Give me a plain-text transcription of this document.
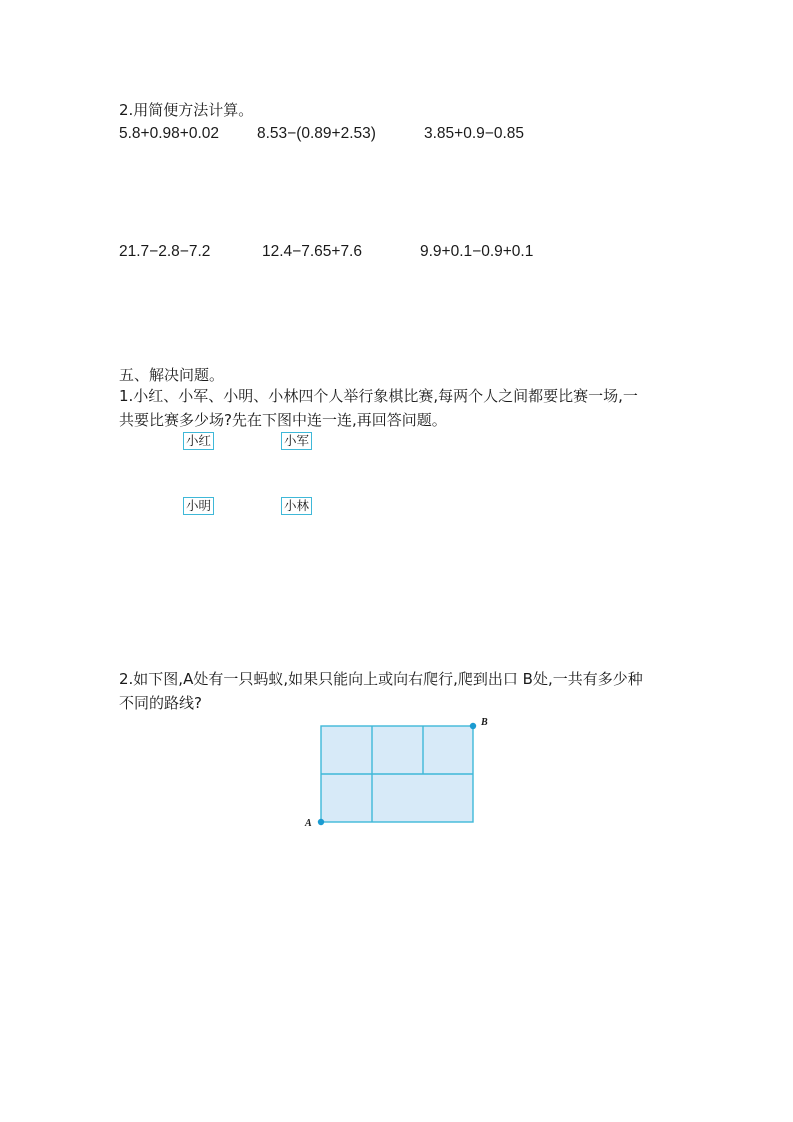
2.用简便方法计算。
5.8+0.98+0.02 8.53−(0.89+2.53)	3.85+0.9−0.85
21.7−2.8−7.2	12.4−7.65+7.6	9.9+0.1−0.9+0.1
五、解决问题。
1.小红、小军、小明、小林四个人举行象棋比赛,每两个人之间都要比赛一场,一
共要比赛多少场?先在下图中连一连,再回答问题。
小红	小军
小明	小林
2.如下图,A处有一只蚂蚁,如果只能向上或向右爬行,爬到出口 B处,一共有多少种
不同的路线?
A
B
